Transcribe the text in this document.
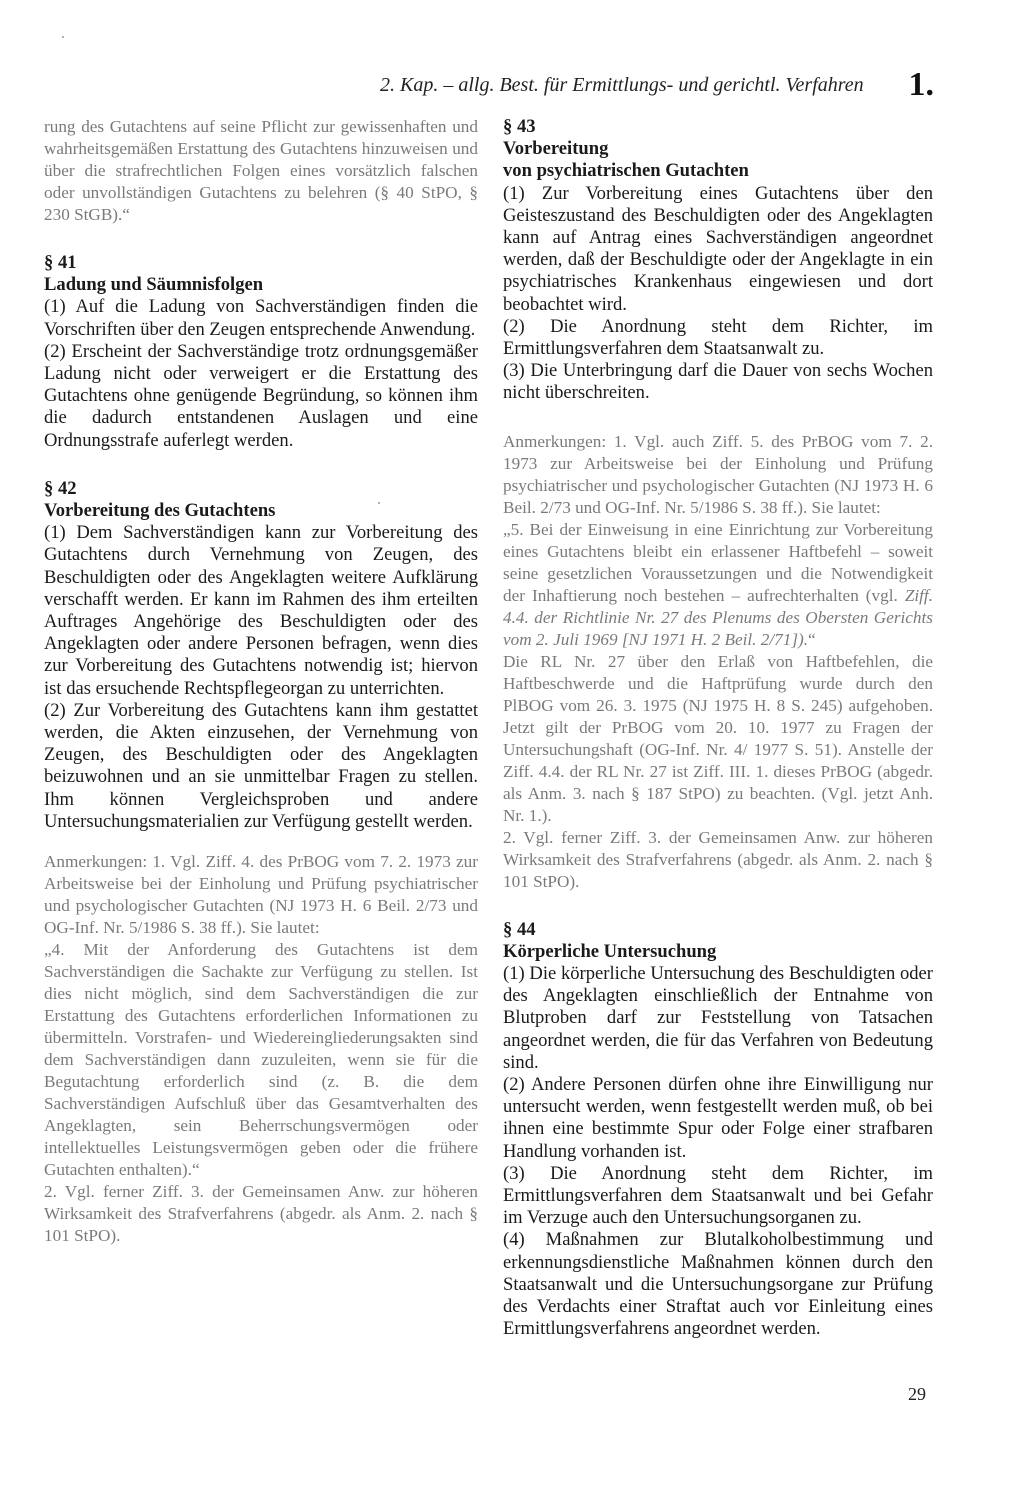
2. Kap. – allg. Best. für Ermittlungs- und gerichtl. Verfahren 1.

rung des Gutachtens auf seine Pflicht zur gewissenhaften und wahrheitsgemäßen Erstattung des Gutachtens hinzuweisen und über die strafrechtlichen Folgen eines vorsätzlich falschen oder unvollständigen Gutachtens zu belehren (§ 40 StPO, § 230 StGB).“

§ 41

Ladung und Säumnisfolgen

(1) Auf die Ladung von Sachverständigen finden die Vorschriften über den Zeugen entsprechende Anwendung.

(2) Erscheint der Sachverständige trotz ordnungsgemäßer Ladung nicht oder verweigert er die Erstattung des Gutachtens ohne genügende Begründung, so können ihm die dadurch entstandenen Auslagen und eine Ordnungsstrafe auferlegt werden.

§ 42

Vorbereitung des Gutachtens

(1) Dem Sachverständigen kann zur Vorbereitung des Gutachtens durch Vernehmung von Zeugen, des Beschuldigten oder des Angeklagten weitere Aufklärung verschafft werden. Er kann im Rahmen des ihm erteilten Auftrages Angehörige des Beschuldigten oder des Angeklagten oder andere Personen befragen, wenn dies zur Vorbereitung des Gutachtens notwendig ist; hiervon ist das ersuchende Rechtspflegeorgan zu unterrichten.

(2) Zur Vorbereitung des Gutachtens kann ihm gestattet werden, die Akten einzusehen, der Vernehmung von Zeugen, des Beschuldigten oder des Angeklagten beizuwohnen und an sie unmittelbar Fragen zu stellen. Ihm können Vergleichsproben und andere Untersuchungsmaterialien zur Verfügung gestellt werden.

Anmerkungen: 1. Vgl. Ziff. 4. des PrBOG vom 7. 2. 1973 zur Arbeitsweise bei der Einholung und Prüfung psychiatrischer und psychologischer Gutachten (NJ 1973 H. 6 Beil. 2/73 und OG-Inf. Nr. 5/1986 S. 38 ff.). Sie lautet:

„4. Mit der Anforderung des Gutachtens ist dem Sachverständigen die Sachakte zur Verfügung zu stellen. Ist dies nicht möglich, sind dem Sachverständigen die zur Erstattung des Gutachtens erforderlichen Informationen zu übermitteln. Vorstrafen- und Wiedereingliederungsakten sind dem Sachverständigen dann zuzuleiten, wenn sie für die Begutachtung erforderlich sind (z. B. die dem Sachverständigen Aufschluß über das Gesamtverhalten des Angeklagten, sein Beherrschungsvermögen oder intellektuelles Leistungsvermögen geben oder die frühere Gutachten enthalten).“

2. Vgl. ferner Ziff. 3. der Gemeinsamen Anw. zur höheren Wirksamkeit des Strafverfahrens (abgedr. als Anm. 2. nach § 101 StPO).

§ 43

Vorbereitung

von psychiatrischen Gutachten

(1) Zur Vorbereitung eines Gutachtens über den Geisteszustand des Beschuldigten oder des Angeklagten kann auf Antrag eines Sachverständigen angeordnet werden, daß der Beschuldigte oder der Angeklagte in ein psychiatrisches Krankenhaus eingewiesen und dort beobachtet wird.

(2) Die Anordnung steht dem Richter, im Ermittlungsverfahren dem Staatsanwalt zu.

(3) Die Unterbringung darf die Dauer von sechs Wochen nicht überschreiten.

Anmerkungen: 1. Vgl. auch Ziff. 5. des PrBOG vom 7. 2. 1973 zur Arbeitsweise bei der Einholung und Prüfung psychiatrischer und psychologischer Gutachten (NJ 1973 H. 6 Beil. 2/73 und OG-Inf. Nr. 5/1986 S. 38 ff.). Sie lautet:

„5. Bei der Einweisung in eine Einrichtung zur Vorbereitung eines Gutachtens bleibt ein erlassener Haftbefehl – soweit seine gesetzlichen Voraussetzungen und die Notwendigkeit der Inhaftierung noch bestehen – aufrechterhalten (vgl. Ziff. 4.4. der Richtlinie Nr. 27 des Plenums des Obersten Gerichts vom 2. Juli 1969 [NJ 1971 H. 2 Beil. 2/71]).“

Die RL Nr. 27 über den Erlaß von Haftbefehlen, die Haftbeschwerde und die Haftprüfung wurde durch den PlBOG vom 26. 3. 1975 (NJ 1975 H. 8 S. 245) aufgehoben. Jetzt gilt der PrBOG vom 20. 10. 1977 zu Fragen der Untersuchungshaft (OG-Inf. Nr. 4/ 1977 S. 51). Anstelle der Ziff. 4.4. der RL Nr. 27 ist Ziff. III. 1. dieses PrBOG (abgedr. als Anm. 3. nach § 187 StPO) zu beachten. (Vgl. jetzt Anh. Nr. 1.).

2. Vgl. ferner Ziff. 3. der Gemeinsamen Anw. zur höheren Wirksamkeit des Strafverfahrens (abgedr. als Anm. 2. nach § 101 StPO).

§ 44

Körperliche Untersuchung

(1) Die körperliche Untersuchung des Beschuldigten oder des Angeklagten einschließlich der Entnahme von Blutproben darf zur Feststellung von Tatsachen angeordnet werden, die für das Verfahren von Bedeutung sind.

(2) Andere Personen dürfen ohne ihre Einwilligung nur untersucht werden, wenn festgestellt werden muß, ob bei ihnen eine bestimmte Spur oder Folge einer strafbaren Handlung vorhanden ist.

(3) Die Anordnung steht dem Richter, im Ermittlungsverfahren dem Staatsanwalt und bei Gefahr im Verzuge auch den Untersuchungsorganen zu.

(4) Maßnahmen zur Blutalkoholbestimmung und erkennungsdienstliche Maßnahmen können durch den Staatsanwalt und die Untersuchungsorgane zur Prüfung des Verdachts einer Straftat auch vor Einleitung eines Ermittlungsverfahrens angeordnet werden.

29
